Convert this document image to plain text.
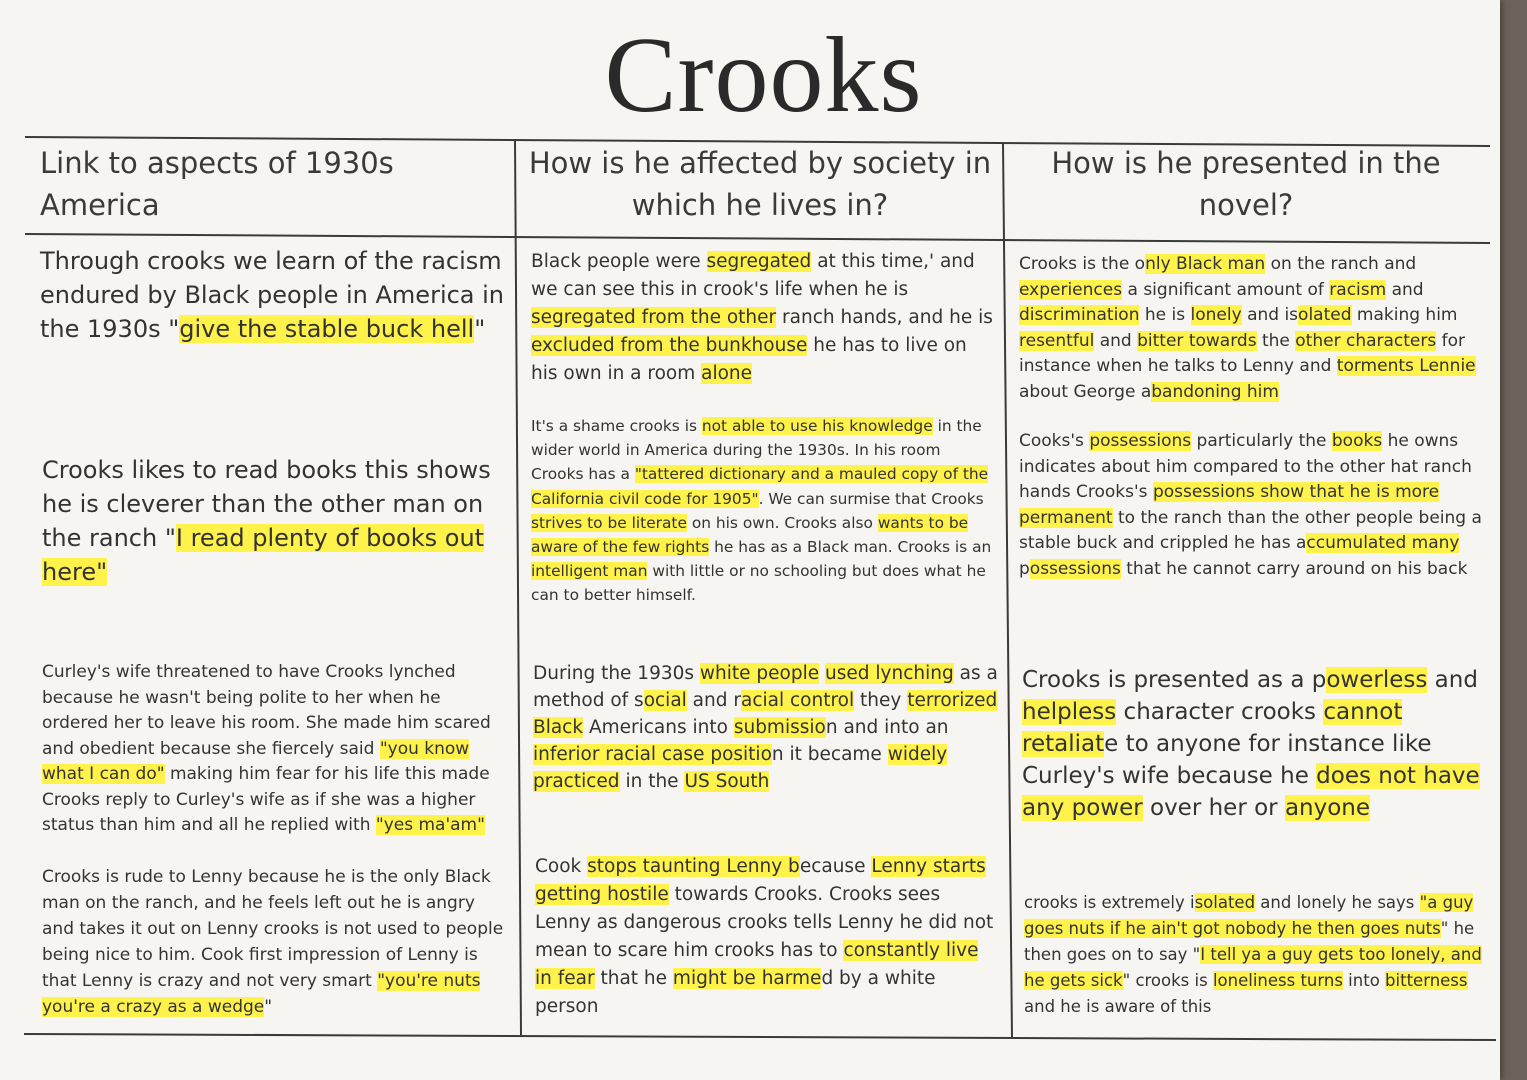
Crooks
Link to aspects of 1930s America
How is he affected by society in which he lives in?
How is he presented in the novel?
Through crooks we learn of the racism endured by Black people in America in the 1930s "give the stable buck hell"
Crooks likes to read books this shows he is cleverer than the other man on the ranch "I read plenty of books out here"
Curley's wife threatened to have Crooks lynched because he wasn't being polite to her when he ordered her to leave his room. She made him scared and obedient because she fiercely said "you know what I can do" making him fear for his life this made Crooks reply to Curley's wife as if she was a higher status than him and all he replied with "yes ma'am"
Crooks is rude to Lenny because he is the only Black man on the ranch, and he feels left out he is angry and takes it out on Lenny crooks is not used to people being nice to him. Cook first impression of Lenny is that Lenny is crazy and not very smart "you're nuts you're a crazy as a wedge"
Black people were segregated at this time,' and we can see this in crook's life when he is segregated from the other ranch hands, and he is excluded from the bunkhouse he has to live on his own in a room alone
It's a shame crooks is not able to use his knowledge in the wider world in America during the 1930s. In his room Crooks has a "tattered dictionary and a mauled copy of the California civil code for 1905". We can surmise that Crooks strives to be literate on his own. Crooks also wants to be aware of the few rights he has as a Black man. Crooks is an intelligent man with little or no schooling but does what he can to better himself.
During the 1930s white people used lynching as a method of social and racial control they terrorized Black Americans into submission and into an inferior racial case position it became widely practiced in the US South
Cook stops taunting Lenny because Lenny starts getting hostile towards Crooks. Crooks sees Lenny as dangerous crooks tells Lenny he did not mean to scare him crooks has to constantly live in fear that he might be harmed by a white person
Crooks is the only Black man on the ranch and experiences a significant amount of racism and discrimination he is lonely and isolated making him resentful and bitter towards the other characters for instance when he talks to Lenny and torments Lennie about George abandoning him
Cooks's possessions particularly the books he owns indicates about him compared to the other hat ranch hands Crooks's possessions show that he is more permanent to the ranch than the other people being a stable buck and crippled he has accumulated many possessions that he cannot carry around on his back
Crooks is presented as a powerless and helpless character crooks cannot retaliate to anyone for instance like Curley's wife because he does not have any power over her or anyone
crooks is extremely isolated and lonely he says "a guy goes nuts if he ain't got nobody he then goes nuts" he then goes on to say "I tell ya a guy gets too lonely, and he gets sick" crooks is loneliness turns into bitterness and he is aware of this
